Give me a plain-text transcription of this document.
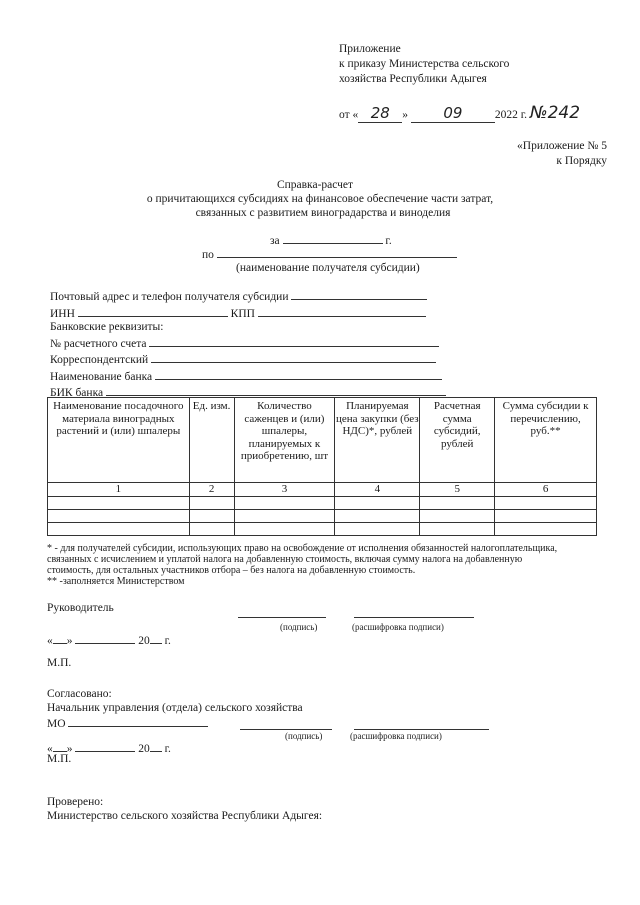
Приложение
к приказу Министерства сельского
хозяйства Республики Адыгея
от « 28 » 09	2022 г. №242
«Приложение № 5
к Порядку
Справка-расчет
о причитающихся субсидиях на финансовое обеспечение части затрат,
связанных с развитием виноградарства и виноделия
за	г.
по
(наименование получателя субсидии)
Почтовый адрес и телефон получателя субсидии
ИНН	КПП
Банковские реквизиты:
№ расчетного счета
Корреспондентский
Наименование банка
БИК банка
Наименование посадочного материала виноградных растений и (или) шпалеры	Ед. изм.	Количество саженцев и (или) шпалеры, планируемых к приобретению, шт	Планируемая цена закупки (без НДС)*, рублей	Расчетная сумма субсидий, рублей	Сумма субсидии к перечислению, руб.**
1	2	3	4	5	6

* - для получателей субсидии, использующих право на освобождение от исполнения обязанностей налогоплательщика,
связанных с исчислением и уплатой налога на добавленную стоимость, включая сумму налога на добавленную
стоимость, для остальных участников отбора – без налога на добавленную стоимость.
** -заполняется Министерством
Руководитель
(подпись)	(расшифровка подписи)
« »	20 г.
М.П.
Согласовано:
Начальник управления (отдела) сельского хозяйства
МО
(подпись)	(расшифровка подписи)
« »	20 г.
М.П.
Проверено:
Министерство сельского хозяйства Республики Адыгея:
